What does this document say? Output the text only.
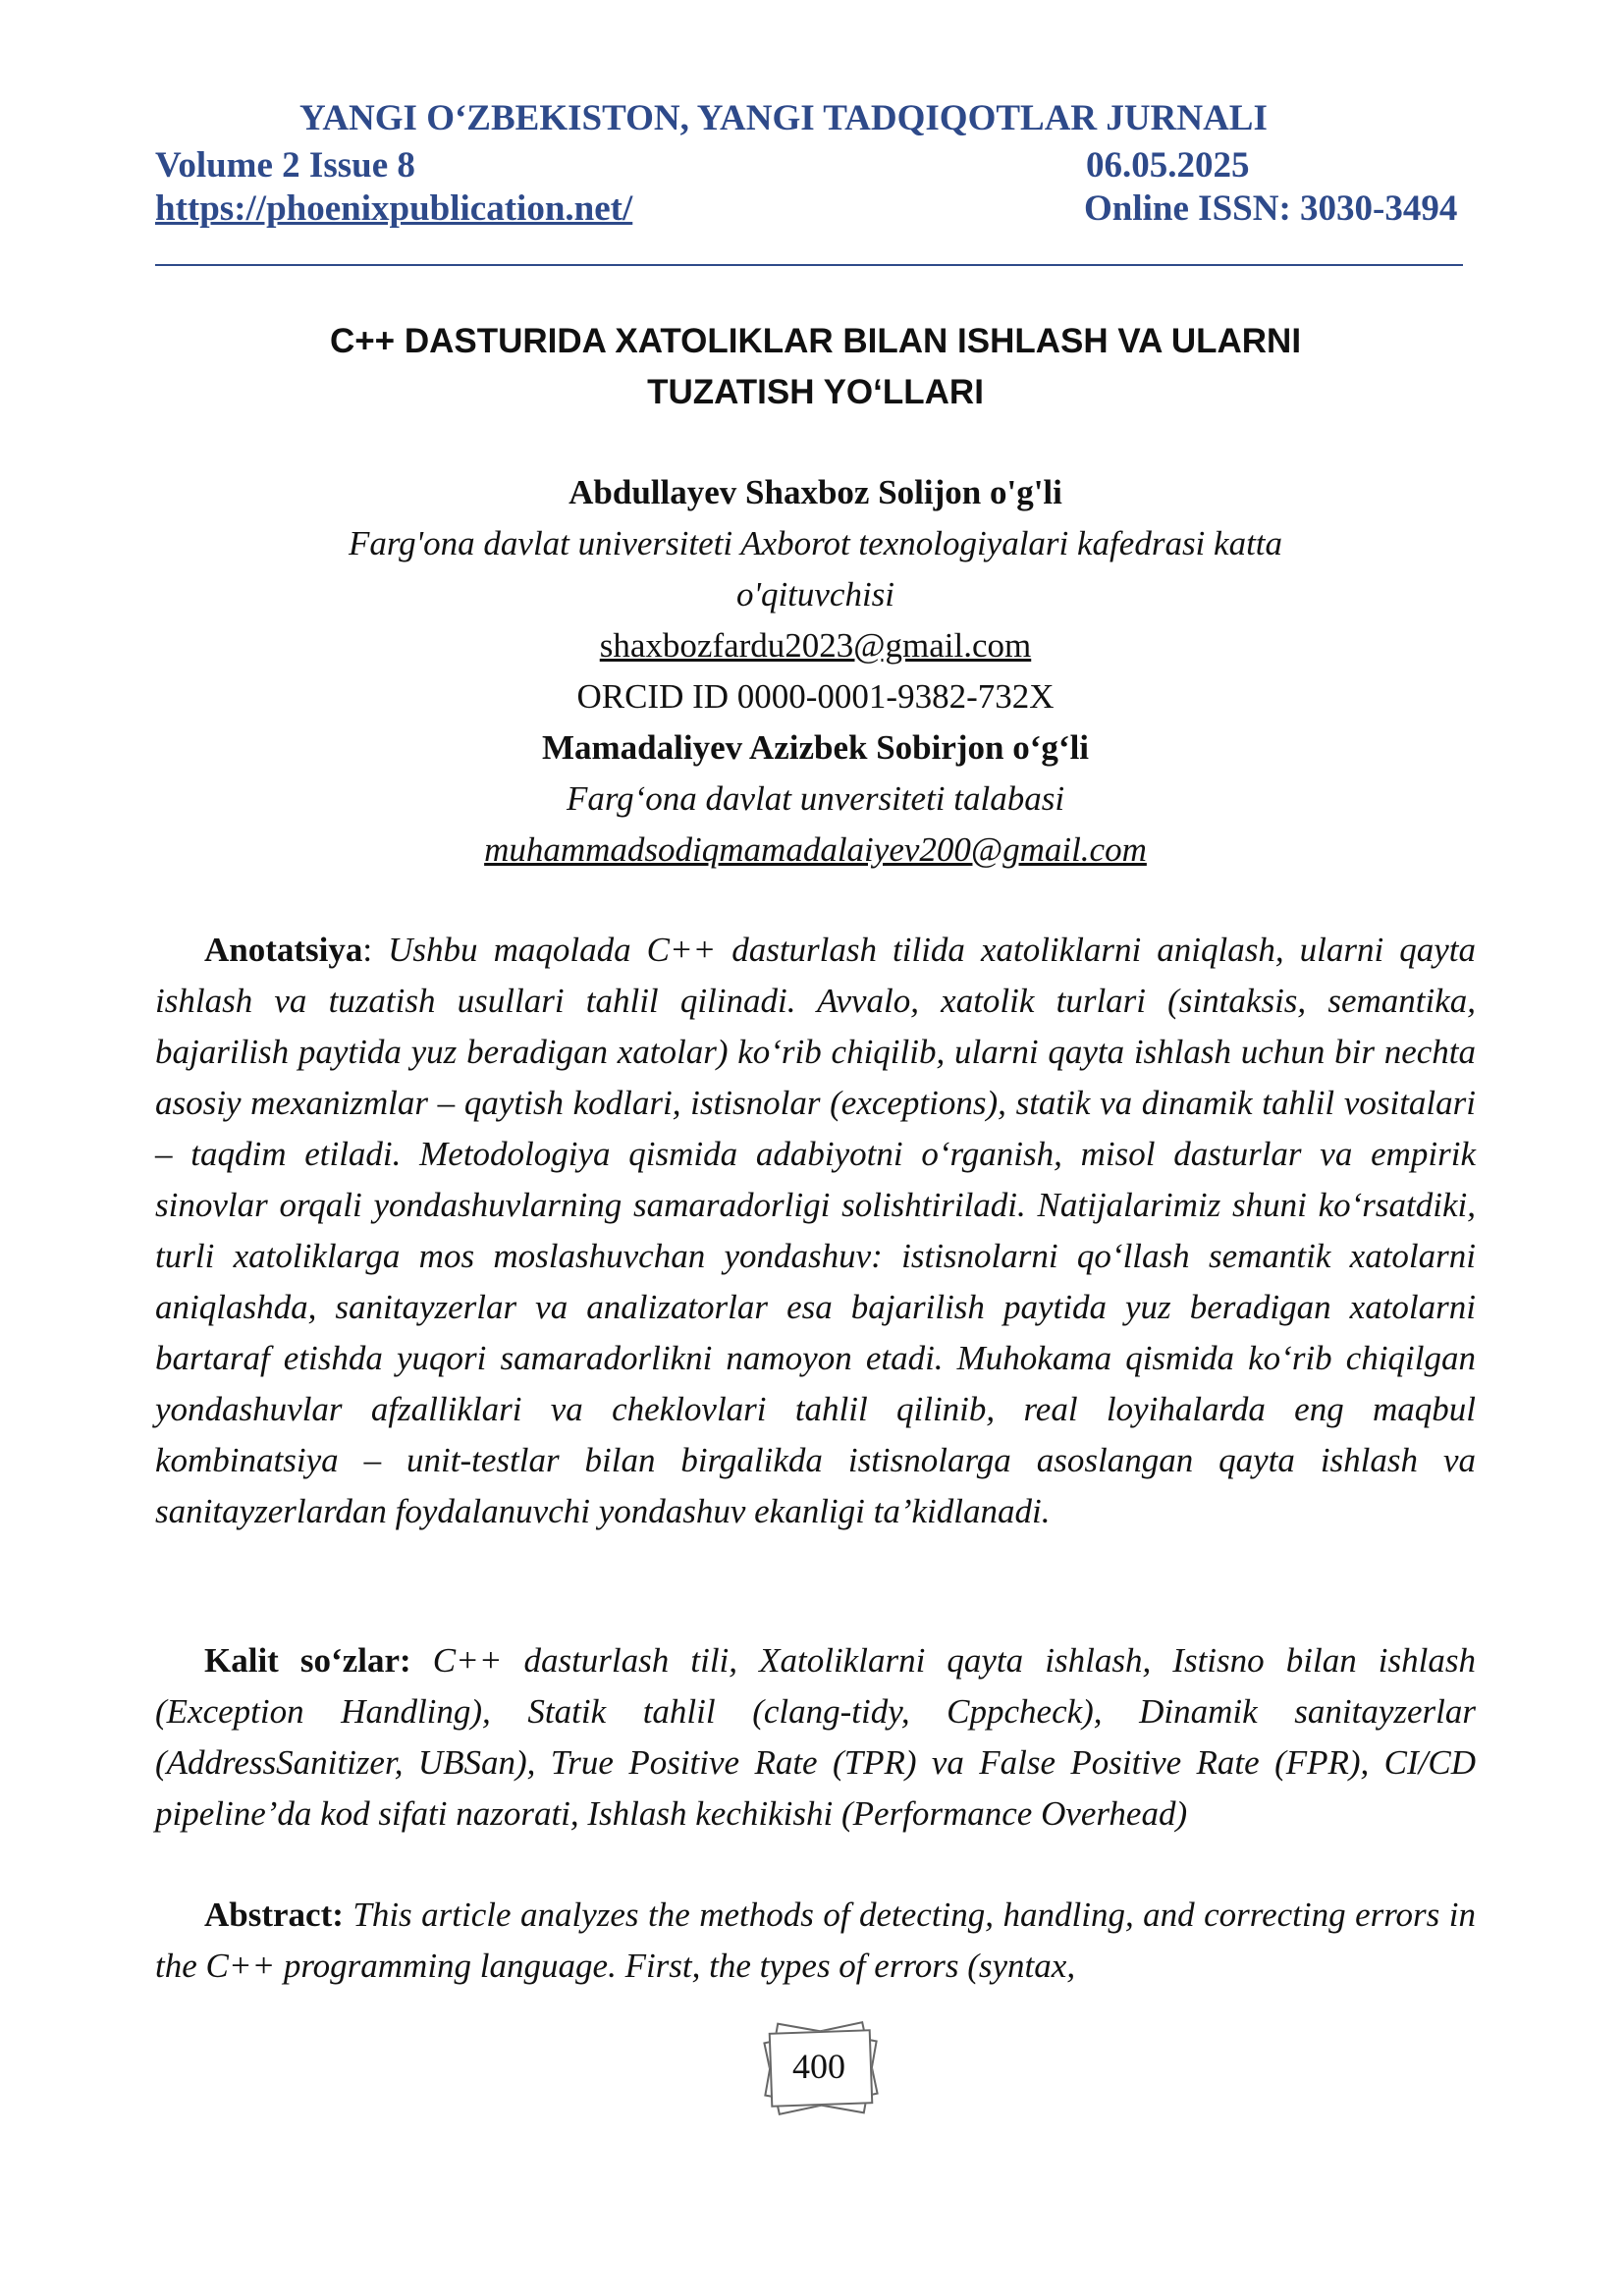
YANGI O‘ZBEKISTON, YANGI TADQIQOTLAR JURNALI
Volume 2 Issue 8	06.05.2025
https://phoenixpublication.net/	Online ISSN: 3030-3494
C++ DASTURIDA XATOLIKLAR BILAN ISHLASH VA ULARNI
TUZATISH YO‘LLARI
Abdullayev Shaxboz Solijon o'g'li
Farg'ona davlat universiteti Axborot texnologiyalari kafedrasi katta
o'qituvchisi
shaxbozfardu2023@gmail.com
ORCID ID 0000-0001-9382-732X
Mamadaliyev Azizbek Sobirjon o‘g‘li
Farg‘ona davlat unversiteti talabasi
muhammadsodiqmamadalaiyev200@gmail.com
Anotatsiya: Ushbu maqolada C++ dasturlash tilida xatoliklarni aniqlash, ularni qayta ishlash va tuzatish usullari tahlil qilinadi. Avvalo, xatolik turlari (sintaksis, semantika, bajarilish paytida yuz beradigan xatolar) ko‘rib chiqilib, ularni qayta ishlash uchun bir nechta asosiy mexanizmlar – qaytish kodlari, istisnolar (exceptions), statik va dinamik tahlil vositalari – taqdim etiladi. Metodologiya qismida adabiyotni o‘rganish, misol dasturlar va empirik sinovlar orqali yondashuvlarning samaradorligi solishtiriladi. Natijalarimiz shuni ko‘rsatdiki, turli xatoliklarga mos moslashuvchan yondashuv: istisnolarni qo‘llash semantik xatolarni aniqlashda, sanitayzerlar va analizatorlar esa bajarilish paytida yuz beradigan xatolarni bartaraf etishda yuqori samaradorlikni namoyon etadi. Muhokama qismida ko‘rib chiqilgan yondashuvlar afzalliklari va cheklovlari tahlil qilinib, real loyihalarda eng maqbul kombinatsiya – unit-testlar bilan birgalikda istisnolarga asoslangan qayta ishlash va sanitayzerlardan foydalanuvchi yondashuv ekanligi ta’kidlanadi.
Kalit so‘zlar: C++ dasturlash tili, Xatoliklarni qayta ishlash, Istisno bilan ishlash (Exception Handling), Statik tahlil (clang-tidy, Cppcheck), Dinamik sanitayzerlar (AddressSanitizer, UBSan), True Positive Rate (TPR) va False Positive Rate (FPR), CI/CD pipeline’da kod sifati nazorati, Ishlash kechikishi (Performance Overhead)
Abstract: This article analyzes the methods of detecting, handling, and correcting errors in the C++ programming language. First, the types of errors (syntax,
400
